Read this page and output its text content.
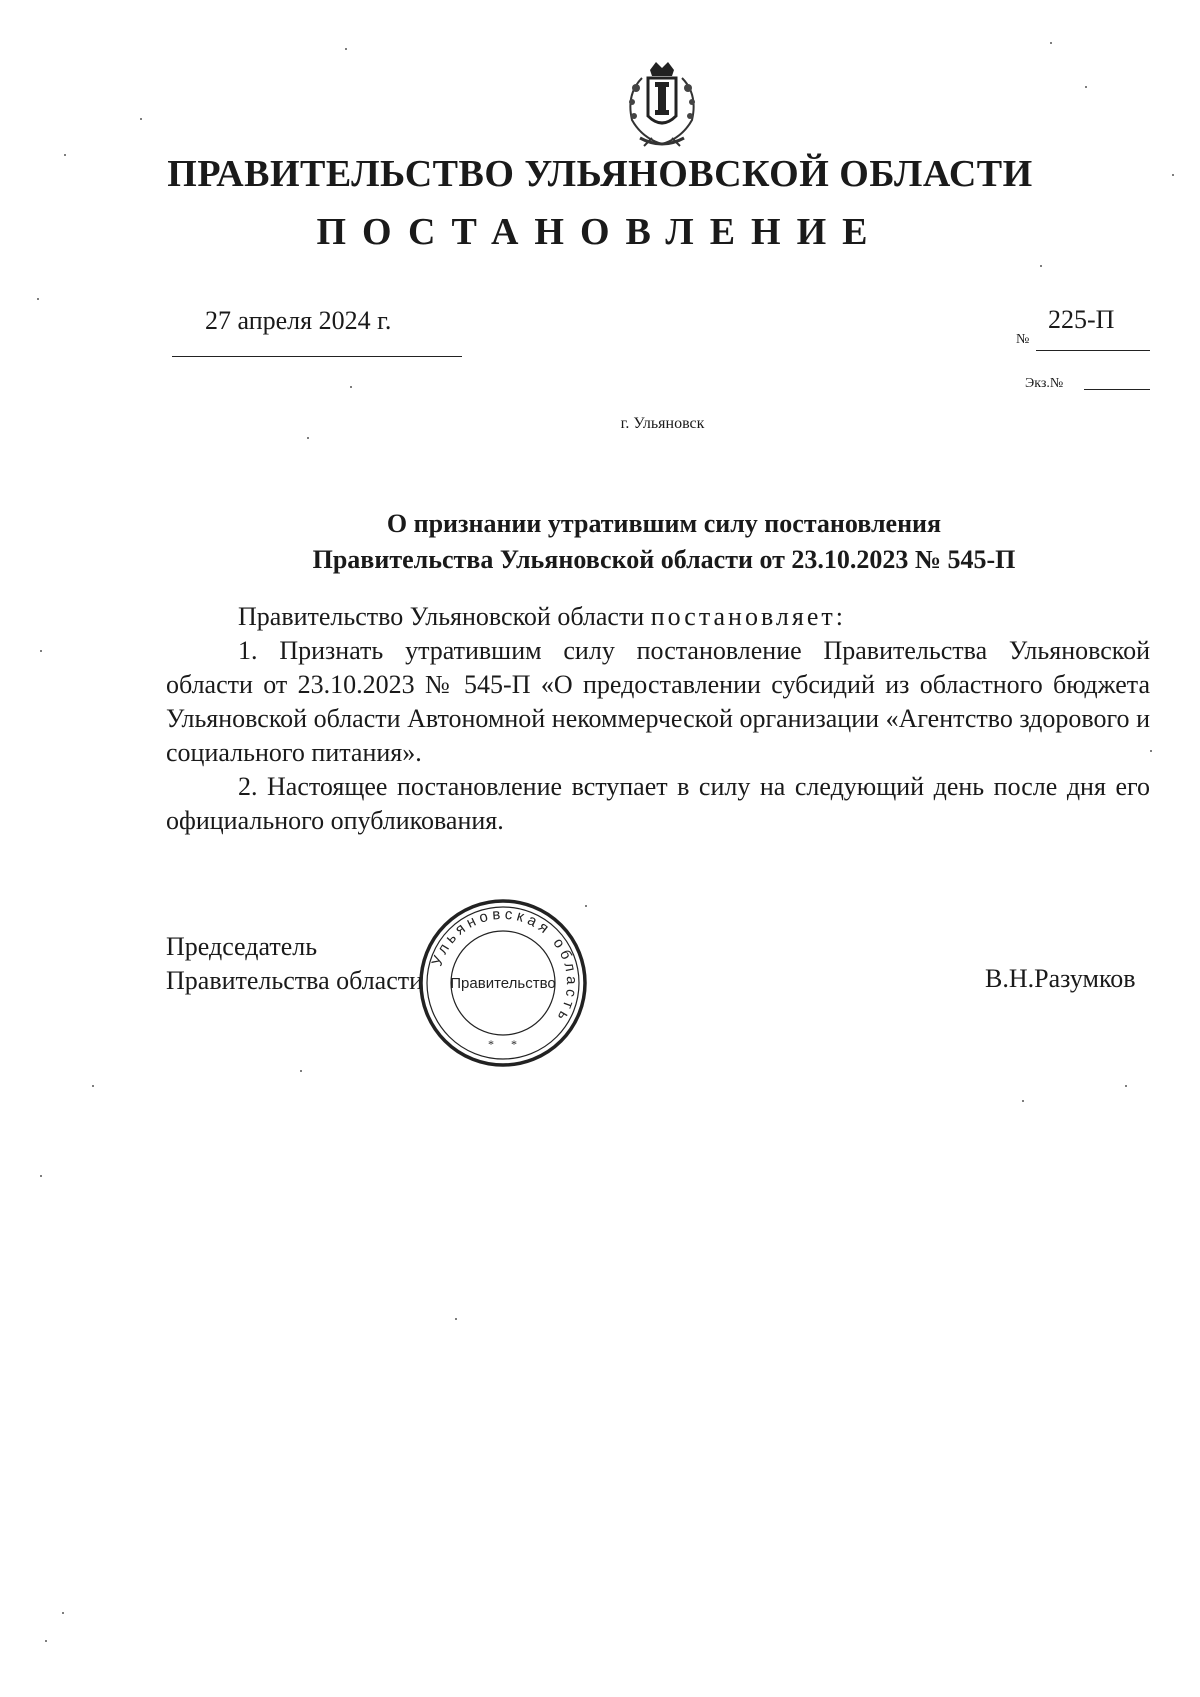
ПРАВИТЕЛЬСТВО УЛЬЯНОВСКОЙ ОБЛАСТИ
ПОСТАНОВЛЕНИЕ
27 апреля 2024 г.
№
225-П
Экз.№
г. Ульяновск
О признании утратившим силу постановления
Правительства Ульяновской области от 23.10.2023 № 545-П

Правительство Ульяновской области постановляет:

1. Признать утратившим силу постановление Правительства Ульяновской области от 23.10.2023 № 545-П «О предоставлении субсидий из областного бюджета Ульяновской области Автономной некоммерческой организации «Агентство здорового и социального питания».

2. Настоящее постановление вступает в силу на следующий день после дня его официального опубликования.

Председатель
Правительства области	В.Н.Разумков
Ульяновская область
Правительство
* *
